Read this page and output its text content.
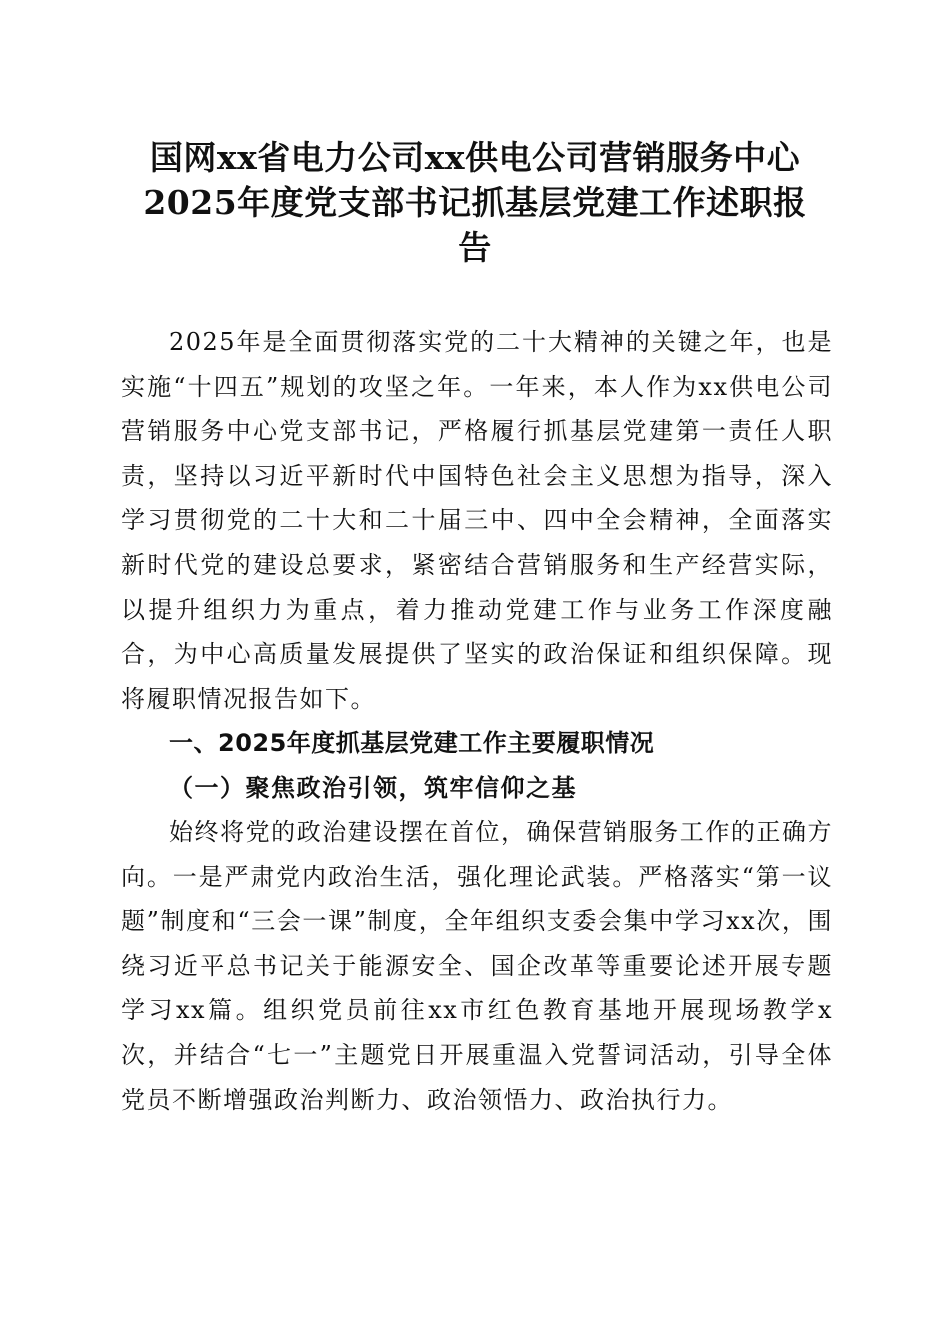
国网xx省电力公司xx供电公司营销服务中心
2025年度党支部书记抓基层党建工作述职报
告

2025年是全面贯彻落实党的二十大精神的关键之年，也是实施“十四五”规划的攻坚之年。一年来，本人作为xx供电公司营销服务中心党支部书记，严格履行抓基层党建第一责任人职责，坚持以习近平新时代中国特色社会主义思想为指导，深入学习贯彻党的二十大和二十届三中、四中全会精神，全面落实新时代党的建设总要求，紧密结合营销服务和生产经营实际，以提升组织力为重点，着力推动党建工作与业务工作深度融合，为中心高质量发展提供了坚实的政治保证和组织保障。现将履职情况报告如下。

一、2025年度抓基层党建工作主要履职情况
（一）聚焦政治引领，筑牢信仰之基

始终将党的政治建设摆在首位，确保营销服务工作的正确方向。一是严肃党内政治生活，强化理论武装。严格落实“第一议题”制度和“三会一课”制度，全年组织支委会集中学习xx次，围绕习近平总书记关于能源安全、国企改革等重要论述开展专题学习xx篇。组织党员前往xx市红色教育基地开展现场教学x次，并结合“七一”主题党日开展重温入党誓词活动，引导全体党员不断增强政治判断力、政治领悟力、政治执行力。
